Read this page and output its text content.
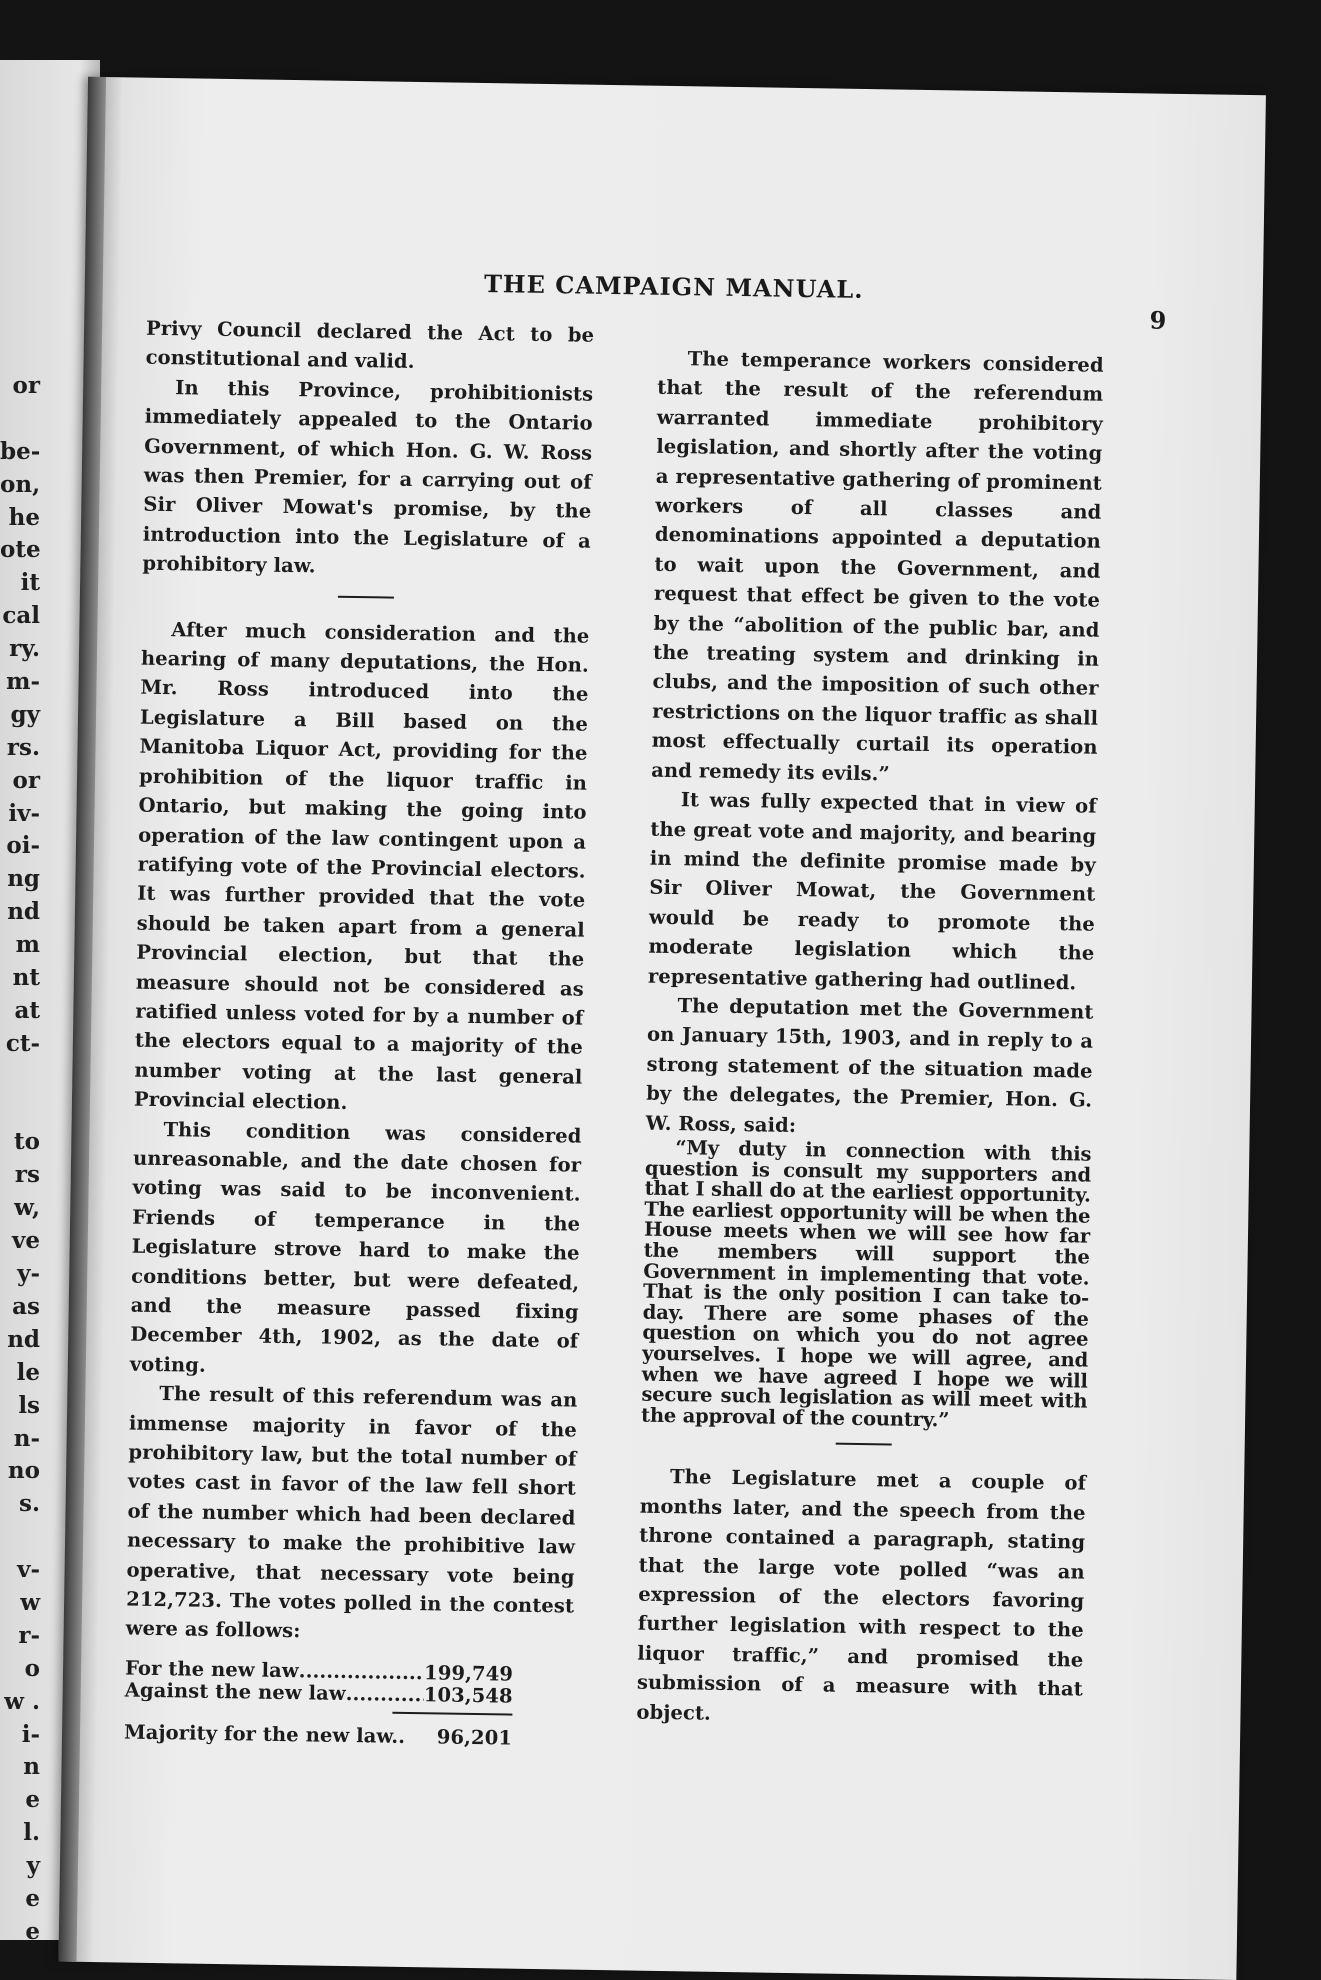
or
be-
on,
he
ote
it
cal
ry.
m-
gy
rs.
or
iv-
oi-
ng
nd
m
nt
at
ct-
to
rs
w,
ve
y-
as
nd
le
ls
n-
no
s.
v-
w
r-
o
w .
i-
n
e
l.
y
e
e
THE CAMPAIGN MANUAL.
9

Privy Council declared the Act to be constitutional and valid.

In this Province, prohibitionists immediately appealed to the Ontario Government, of which Hon. G. W. Ross was then Premier, for a carrying out of Sir Oliver Mowat's promise, by the introduction into the Legislature of a prohibitory law.

After much consideration and the hearing of many deputations, the Hon. Mr. Ross introduced into the Legislature a Bill based on the Manitoba Liquor Act, providing for the prohibition of the liquor traffic in Ontario, but making the going into operation of the law contingent upon a ratifying vote of the Provincial electors. It was further provided that the vote should be taken apart from a general Provincial election, but that the measure should not be considered as ratified unless voted for by a number of the electors equal to a majority of the number voting at the last general Provincial election.

This condition was considered unreasonable, and the date chosen for voting was said to be inconvenient. Friends of temperance in the Legislature strove hard to make the conditions better, but were defeated, and the measure passed fixing December 4th, 1902, as the date of voting.

The result of this referendum was an immense majority in favor of the prohibitory law, but the total number of votes cast in favor of the law fell short of the number which had been declared necessary to make the prohibitive law operative, that necessary vote being 212,723. The votes polled in the contest were as follows:

For the new law .....	199,749
Against the new law .....	103,548
Majority for the new law.. 96,201

The temperance workers considered that the result of the referendum warranted immediate prohibitory legislation, and shortly after the voting a representative gathering of prominent workers of all classes and denominations appointed a deputation to wait upon the Government, and request that effect be given to the vote by the “abolition of the public bar, and the treating system and drinking in clubs, and the imposition of such other restrictions on the liquor traffic as shall most effectually curtail its operation and remedy its evils.”

It was fully expected that in view of the great vote and majority, and bearing in mind the definite promise made by Sir Oliver Mowat, the Government would be ready to promote the moderate legislation which the representative gathering had outlined.

The deputation met the Government on January 15th, 1903, and in reply to a strong statement of the situation made by the delegates, the Premier, Hon. G. W. Ross, said:

“My duty in connection with this question is consult my supporters and that I shall do at the earliest opportunity. The earliest opportunity will be when the House meets when we will see how far the members will support the Government in implementing that vote. That is the only position I can take to-day. There are some phases of the question on which you do not agree yourselves. I hope we will agree, and when we have agreed I hope we will secure such legislation as will meet with the approval of the country.”

The Legislature met a couple of months later, and the speech from the throne contained a paragraph, stating that the large vote polled “was an expression of the electors favoring further legislation with respect to the liquor traffic,” and promised the submission of a measure with that object.
